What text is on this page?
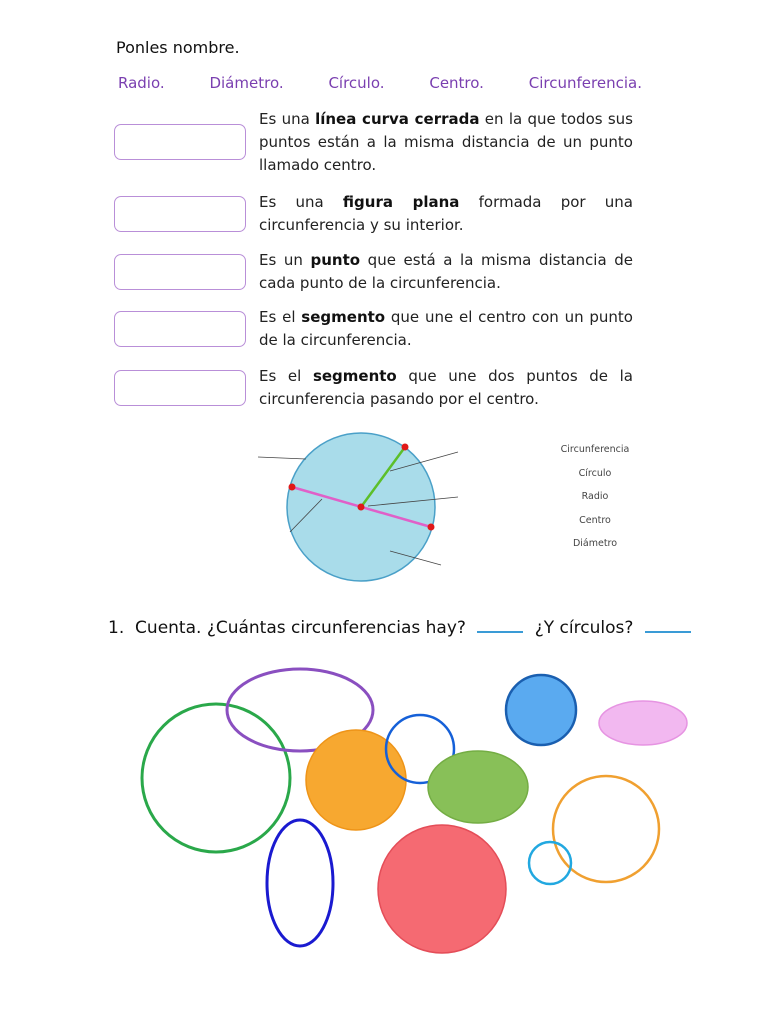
Ponles nombre.
Radio.	Diámetro.	Círculo.	Centro.	Circunferencia.
Es una línea curva cerrada en la que todos sus puntos están a la misma distancia de un punto llamado centro.
Es una figura plana formada por una circunferencia y su interior.
Es un punto que está a la misma distancia de cada punto de la circunferencia.
Es el segmento que une el centro con un punto de la circunferencia.
Es el segmento que une dos puntos de la circunferencia pasando por el centro.
Circunferencia
Círculo
Radio
Centro
Diámetro
1. Cuenta. ¿Cuántas circunferencias hay?	¿Y círculos?
